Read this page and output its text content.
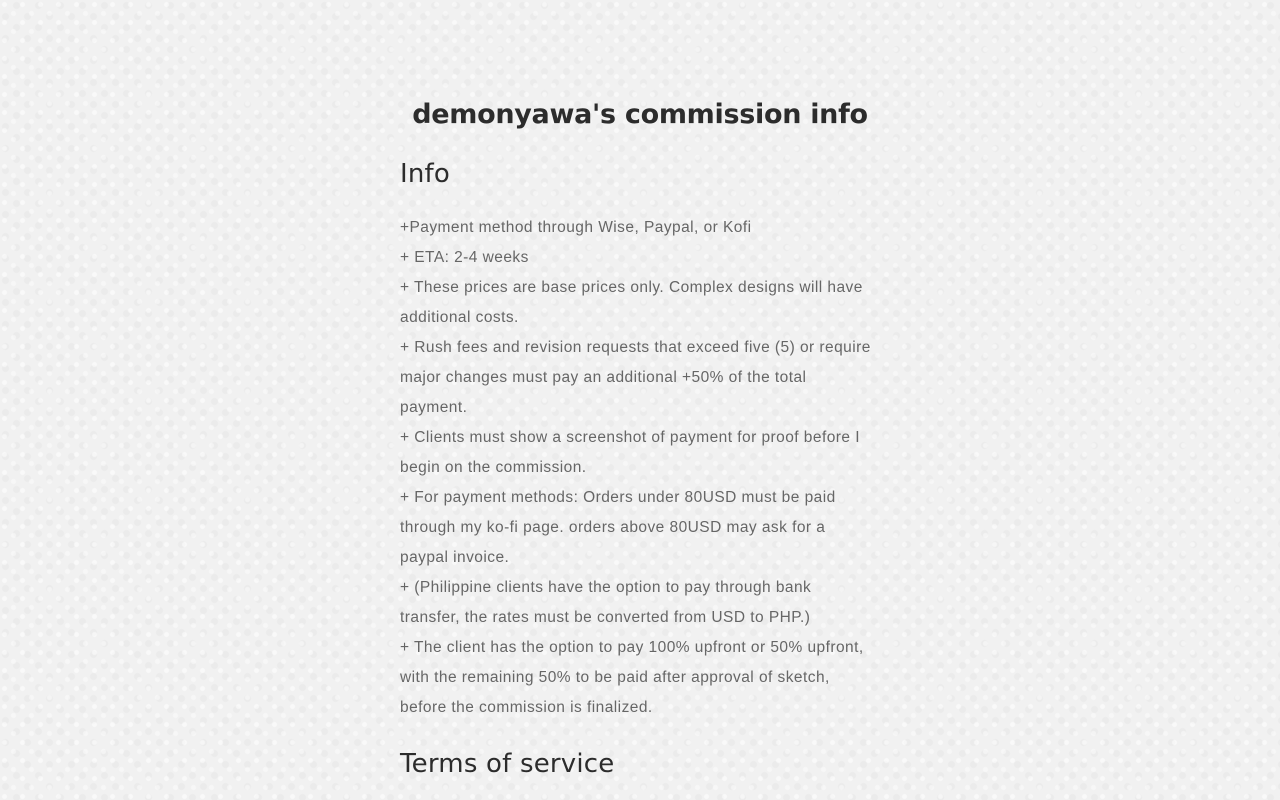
demonyawa's commission info
Info
+Payment method through Wise, Paypal, or Kofi
+ ETA: 2-4 weeks
+ These prices are base prices only. Complex designs will have
additional costs.
+ Rush fees and revision requests that exceed five (5) or require
major changes must pay an additional +50% of the total
payment.
+ Clients must show a screenshot of payment for proof before I
begin on the commission.
+ For payment methods: Orders under 80USD must be paid
through my ko-fi page. orders above 80USD may ask for a
paypal invoice.
+ (Philippine clients have the option to pay through bank
transfer, the rates must be converted from USD to PHP.)
+ The client has the option to pay 100% upfront or 50% upfront,
with the remaining 50% to be paid after approval of sketch,
before the commission is finalized.
Terms of service
